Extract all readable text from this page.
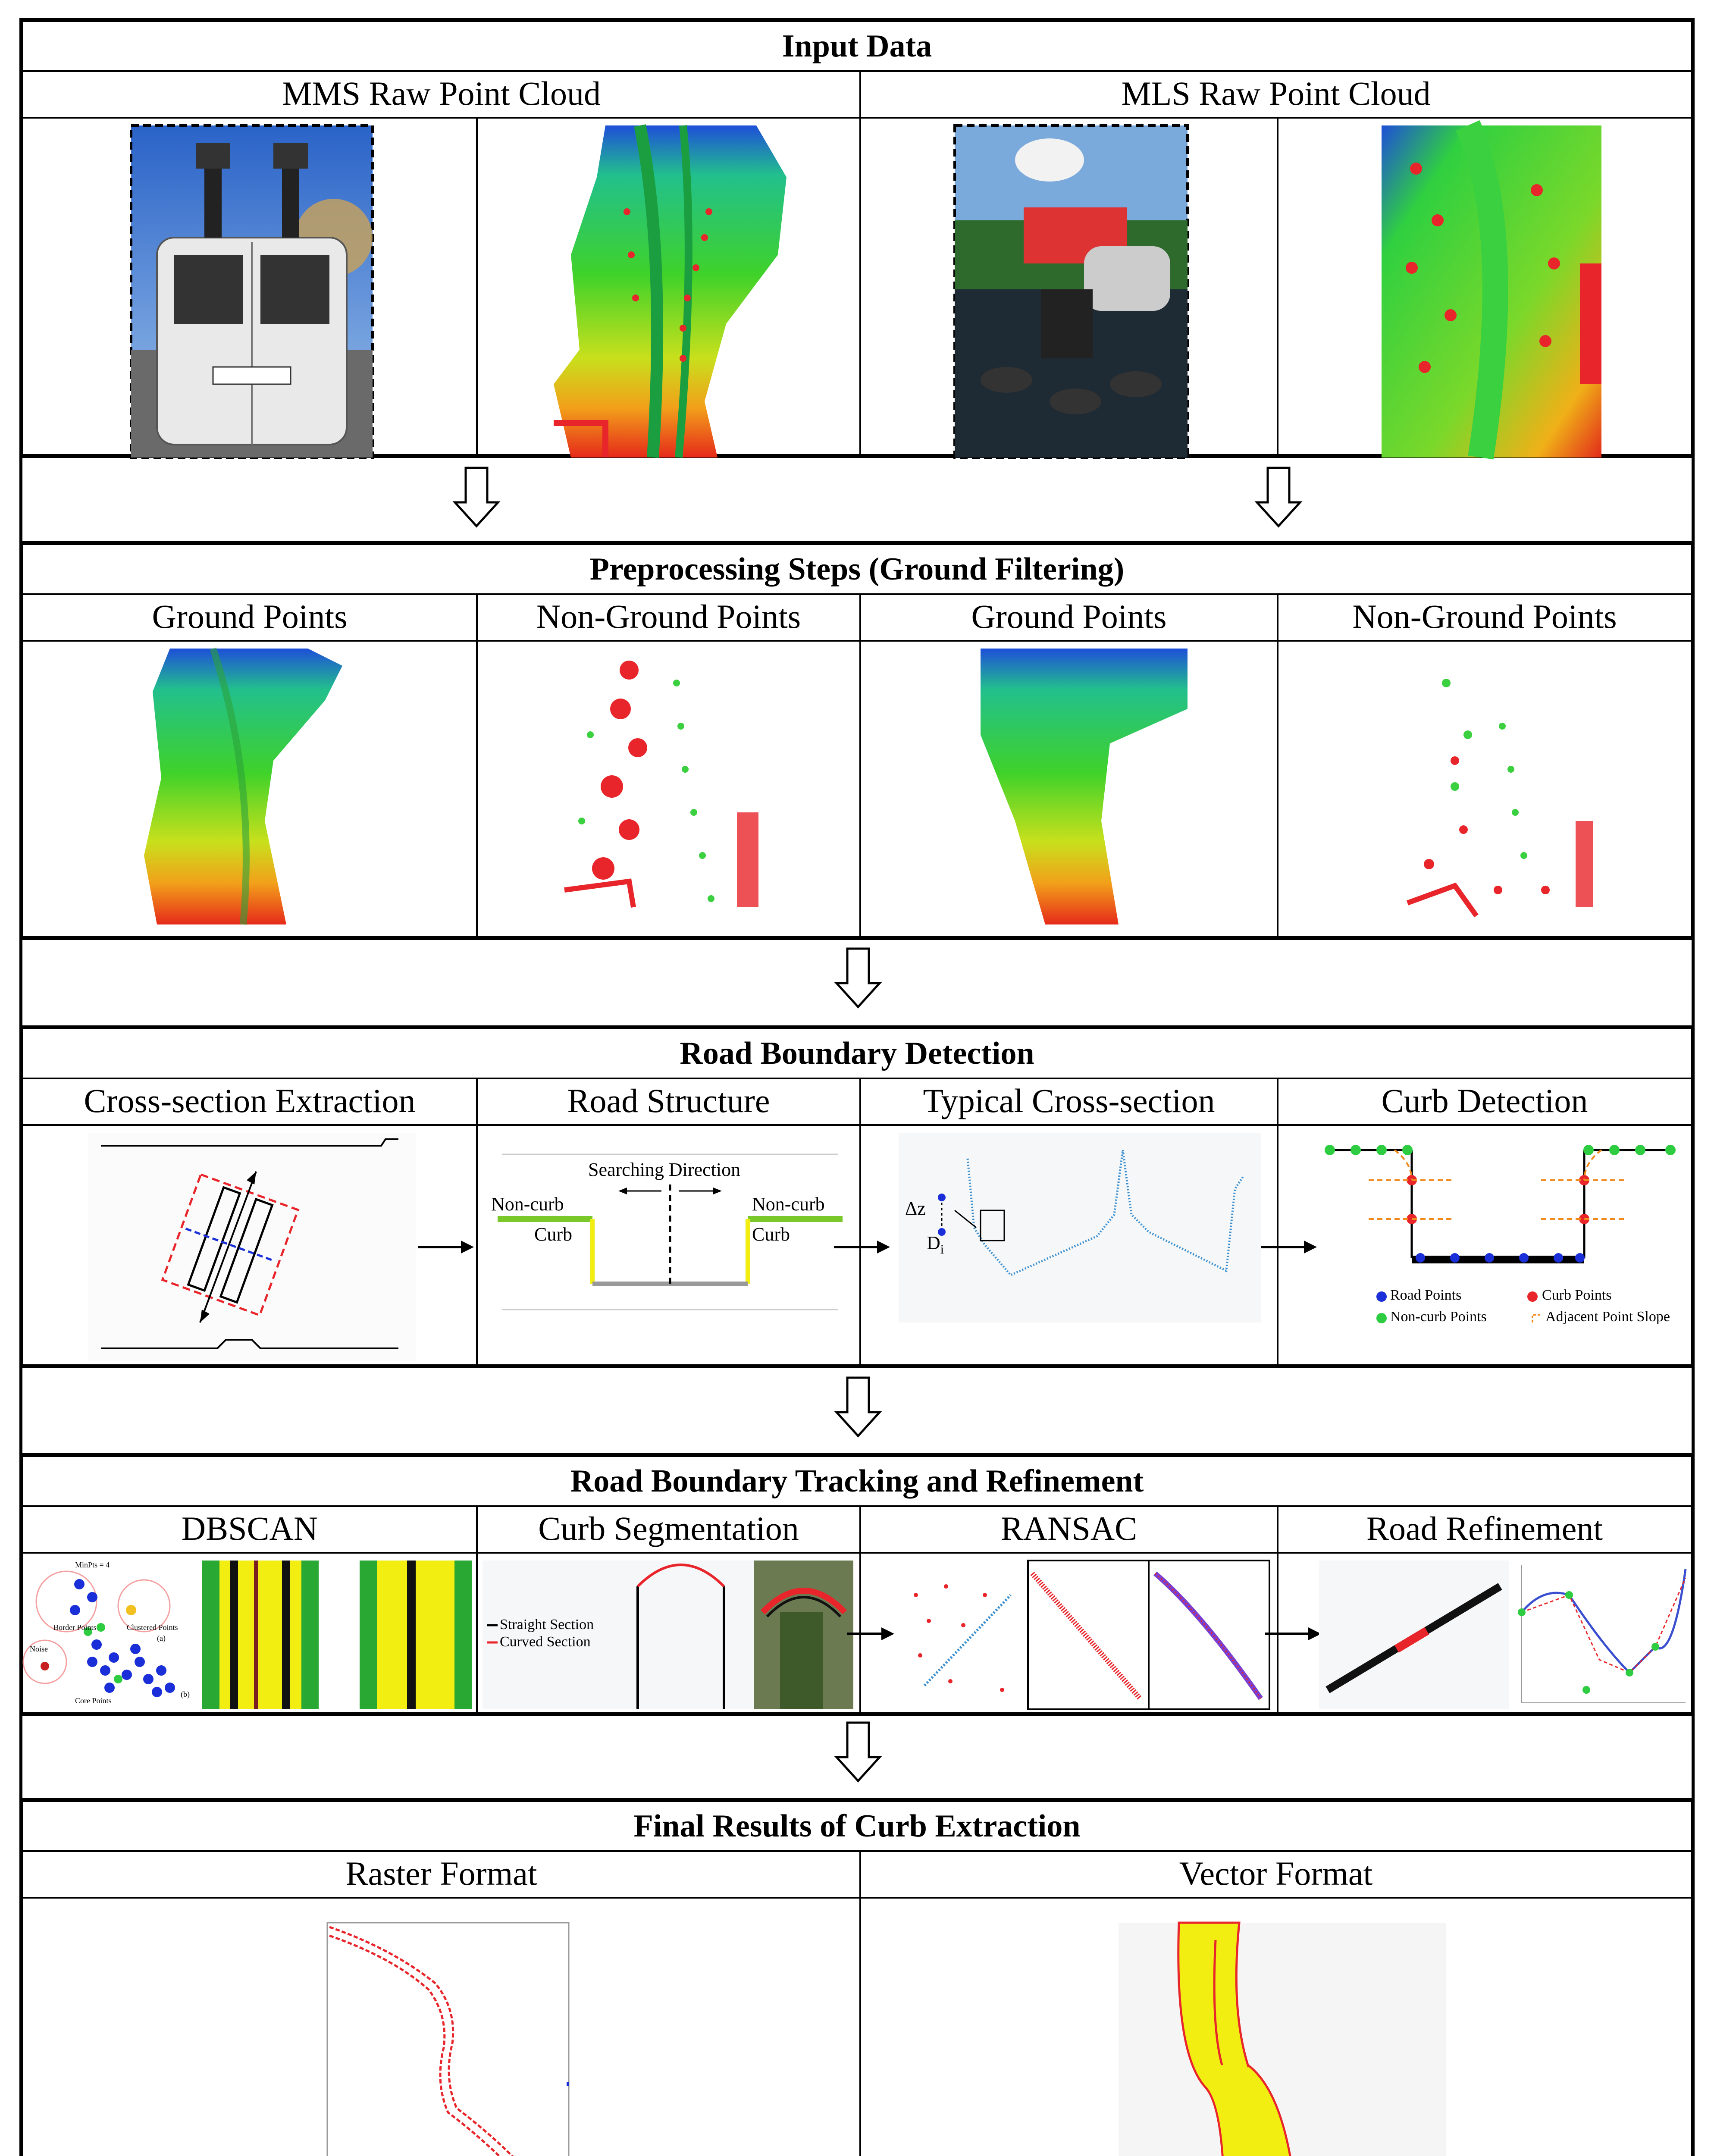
Input Data
MMS Raw Point Cloud	MLS Raw Point Cloud
Preprocessing Steps (Ground Filtering)
Ground Points	Non-Ground Points	Ground Points	Non-Ground Points
Road Boundary Detection
Cross-section Extraction	Road Structure	Typical Cross-section	Curb Detection
Searching Direction
Non-curb
Curb
Non-curb
Curb
Δz
$D_i$
Road Points	Curb Points
Non-curb Points	Adjacent Point Slope
Road Boundary Tracking and Refinement
DBSCAN	Curb Segmentation	RANSAC	Road Refinement
MinPts = 4
Border Points	Clustered Points
Noise
Core Points
(a)
(b)
Straight Section
Curved Section
Final Results of Curb Extraction
Raster Format	Vector Format
